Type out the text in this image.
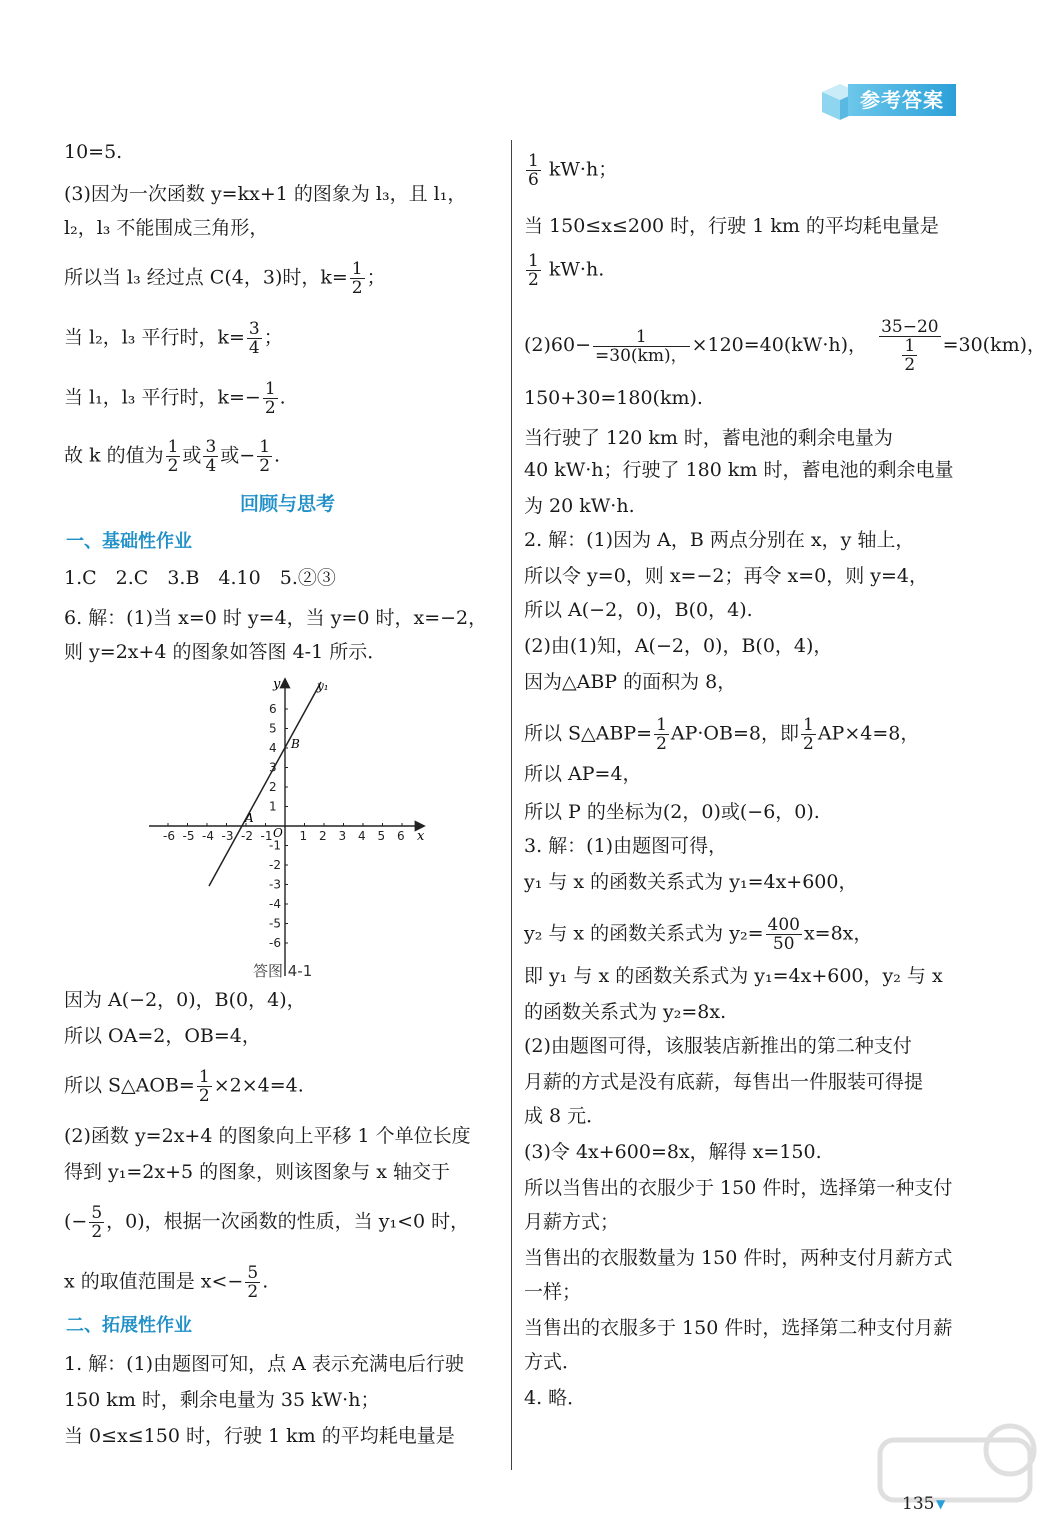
参考答案
10=5.
(3)因为一次函数 y=kx+1 的图象为 l₃，且 l₁，
l₂，l₃ 不能围成三角形，
所以当 l₃ 经过点 C(4，3)时，$k= \frac{1}{2}$ ；
当 l₂，l₃ 平行时，$k= \frac{3}{4}$ ；
当 l₁，l₃ 平行时，$k=- \frac{1}{2}$ .
故 k 的值为 $\frac{1}{2}$ 或 $\frac{3}{4}$ 或− $\frac{1}{2}$ .
回顾与思考
一、基础性作业
1.C　2.C　3.B　4.10　5.②③
6. 解：(1)当 x=0 时 y=4，当 y=0 时，x=−2，
则 y=2x+4 的图象如答图 4-1 所示．
-6 -5 -4 -3 -2 -1 1 2 3 4 5 6
6
5
4
3
2
1
-1
-2
-3
-4
-5
-6
x
y
O
y₁
A
B
答图 4-1
因为 A(−2，0)，B(0，4)，
所以 OA=2，OB=4，
所以 S△AOB= $\frac{1}{2} \times 2\times 4=4$.
(2)函数 y=2x+4 的图象向上平移 1 个单位长度
得到 y₁=2x+5 的图象，则该图象与 x 轴交于
(− $\frac{5}{2}$ ，0)，根据一次函数的性质，当 y₁<0 时，
x 的取值范围是 $x<- \frac{5}{2}$ .
二、拓展性作业
1. 解：(1)由题图可知，点 A 表示充满电后行驶
150 km 时，剩余电量为 35 kW·h；
当 0≤x≤150 时，行驶 1 km 的平均耗电量是
$\frac{1}{6} kW\cdot h$；
当 150≤x≤200 时，行驶 1 km 的平均耗电量是
$\frac{1}{2} kW\cdot h$.
$(2)60- \frac{1}{=30(km),} \times 120=40(kW\cdot h)$， $\frac{35-20}{\frac{1}{2}} =30(km)$，
150+30=180(km).
当行驶了 120 km 时，蓄电池的剩余电量为
40 kW·h；行驶了 180 km 时，蓄电池的剩余电量
为 20 kW·h.
2. 解：(1)因为 A，B 两点分别在 x，y 轴上，
所以令 y=0，则 x=−2；再令 x=0，则 y=4，
所以 A(−2，0)，B(0，4).
(2)由(1)知，A(−2，0)，B(0，4)，
因为△ABP 的面积为 8，
所以 S△ABP= $\frac{1}{2} AP\cdot OB=8$，即 $\frac{1}{2} AP\times 4=8$，
所以 AP=4，
所以 P 的坐标为(2，0)或(−6，0).
3. 解：(1)由题图可得，
y₁ 与 x 的函数关系式为 y₁=4x+600，
y₂ 与 x 的函数关系式为 $y_2= \frac{400}{50} x=8x$，
即 y₁ 与 x 的函数关系式为 y₁=4x+600，y₂ 与 x
的函数关系式为 y₂=8x.
(2)由题图可得，该服装店新推出的第二种支付
月薪的方式是没有底薪，每售出一件服装可得提
成 8 元．
(3)令 4x+600=8x，解得 x=150.
所以当售出的衣服少于 150 件时，选择第一种支付
月薪方式；
当售出的衣服数量为 150 件时，两种支付月薪方式
一样；
当售出的衣服多于 150 件时，选择第二种支付月薪
方式．
4. 略．
135 ▼
